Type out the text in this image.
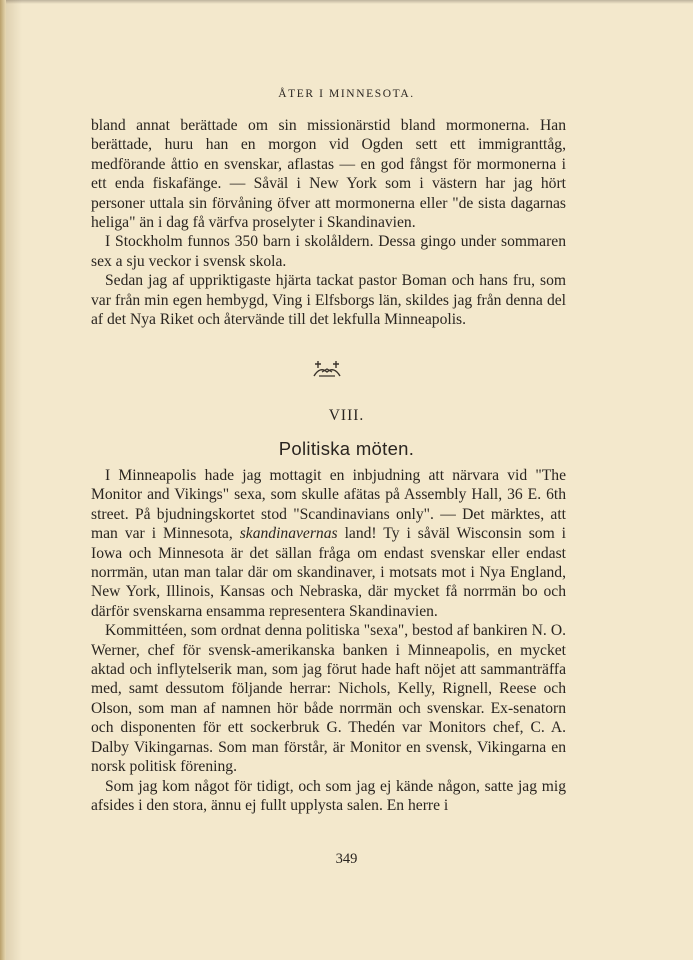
ÅTER I MINNESOTA.

bland annat berättade om sin missionärstid bland mormonerna. Han berättade, huru han en morgon vid Ogden sett ett immigranttåg, medförande åttio en svenskar, aflastas — en god fångst för mormonerna i ett enda fiskafänge. — Såväl i New York som i västern har jag hört personer uttala sin förvåning öfver att mormonerna eller "de sista dagarnas heliga" än i dag få värfva proselyter i Skandinavien.

I Stockholm funnos 350 barn i skolåldern. Dessa gingo under sommaren sex a sju veckor i svensk skola.

Sedan jag af uppriktigaste hjärta tackat pastor Boman och hans fru, som var från min egen hembygd, Ving i Elfsborgs län, skildes jag från denna del af det Nya Riket och återvände till det lekfulla Minneapolis.

VIII.
Politiska möten.

I Minneapolis hade jag mottagit en inbjudning att närvara vid "The Monitor and Vikings" sexa, som skulle afätas på Assembly Hall, 36 E. 6th street. På bjudningskortet stod "Scandinavians only". — Det märktes, att man var i Minnesota, skandinavernas land! Ty i såväl Wisconsin som i Iowa och Minnesota är det sällan fråga om endast svenskar eller endast norrmän, utan man talar där om skandinaver, i motsats mot i Nya England, New York, Illinois, Kansas och Nebraska, där mycket få norrmän bo och därför svenskarna ensamma representera Skandinavien.

Kommittéen, som ordnat denna politiska "sexa", bestod af bankiren N. O. Werner, chef för svensk-amerikanska banken i Minneapolis, en mycket aktad och inflytelserik man, som jag förut hade haft nöjet att sammanträffa med, samt dessutom följande herrar: Nichols, Kelly, Rignell, Reese och Olson, som man af namnen hör både norrmän och svenskar. Ex-senatorn och disponenten för ett sockerbruk G. Thedén var Monitors chef, C. A. Dalby Vikingarnas. Som man förstår, är Monitor en svensk, Vikingarna en norsk politisk förening.

Som jag kom något för tidigt, och som jag ej kände någon, satte jag mig afsides i den stora, ännu ej fullt upplysta salen. En herre i

349
